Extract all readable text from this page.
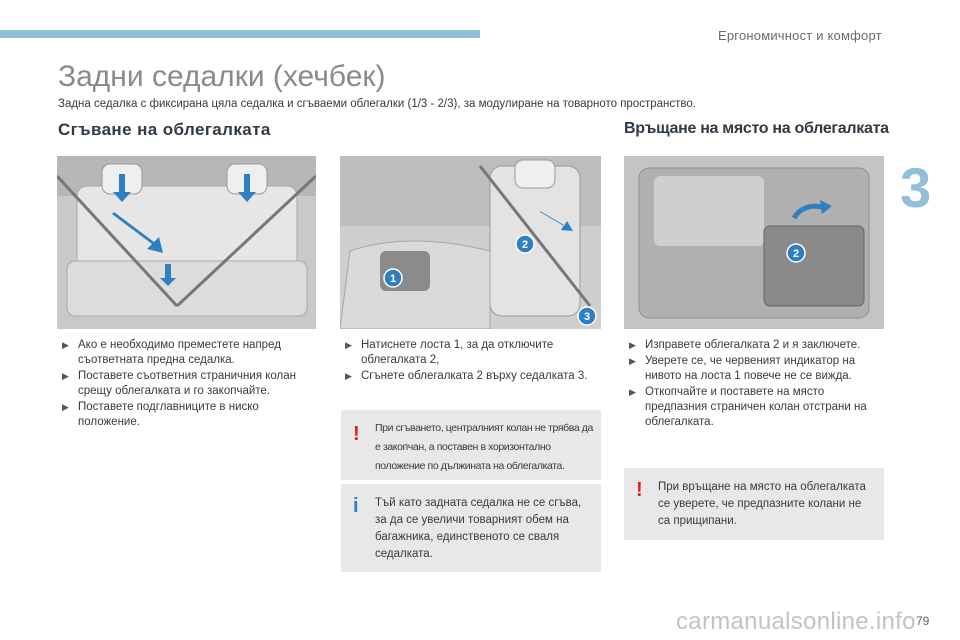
Ергономичност и комфорт
3
Задни седалки (хечбек)
Задна седалка с фиксирана цяла седалка и сгъваеми облегалки (1/3 - 2/3), за модулиране на товарното пространство.
Сгъване на облегалката	Връщане на място на облегалката
1
2
3
2
▶ Ако е необходимо преместете напред съответната предна седалка.
▶ Поставете съответния страничния колан срещу облегалката и го закопчайте.
▶ Поставете подглавниците в ниско положение.
▶ Натиснете лоста 1, за да отключите облегалката 2,
▶ Сгънете облегалката 2 върху седалката 3.
▶ Изправете облегалката 2 и я заключете.
▶ Уверете се, че червеният индикатор на нивото на лоста 1 повече не се вижда.
▶ Откопчайте и поставете на място предпазния страничен колан отстрани на облегалката.
! При сгъването, централният колан не трябва да е закопчан, а поставен в хоризонтално положение по дължината на облегалката.
i Тъй като задната седалка не се сгъва, за да се увеличи товарният обем на багажника, единственото се сваля седалката.
! При връщане на място на облегалката се уверете, че предпазните колани не са прищипани.
carmanualsonline.info 79
